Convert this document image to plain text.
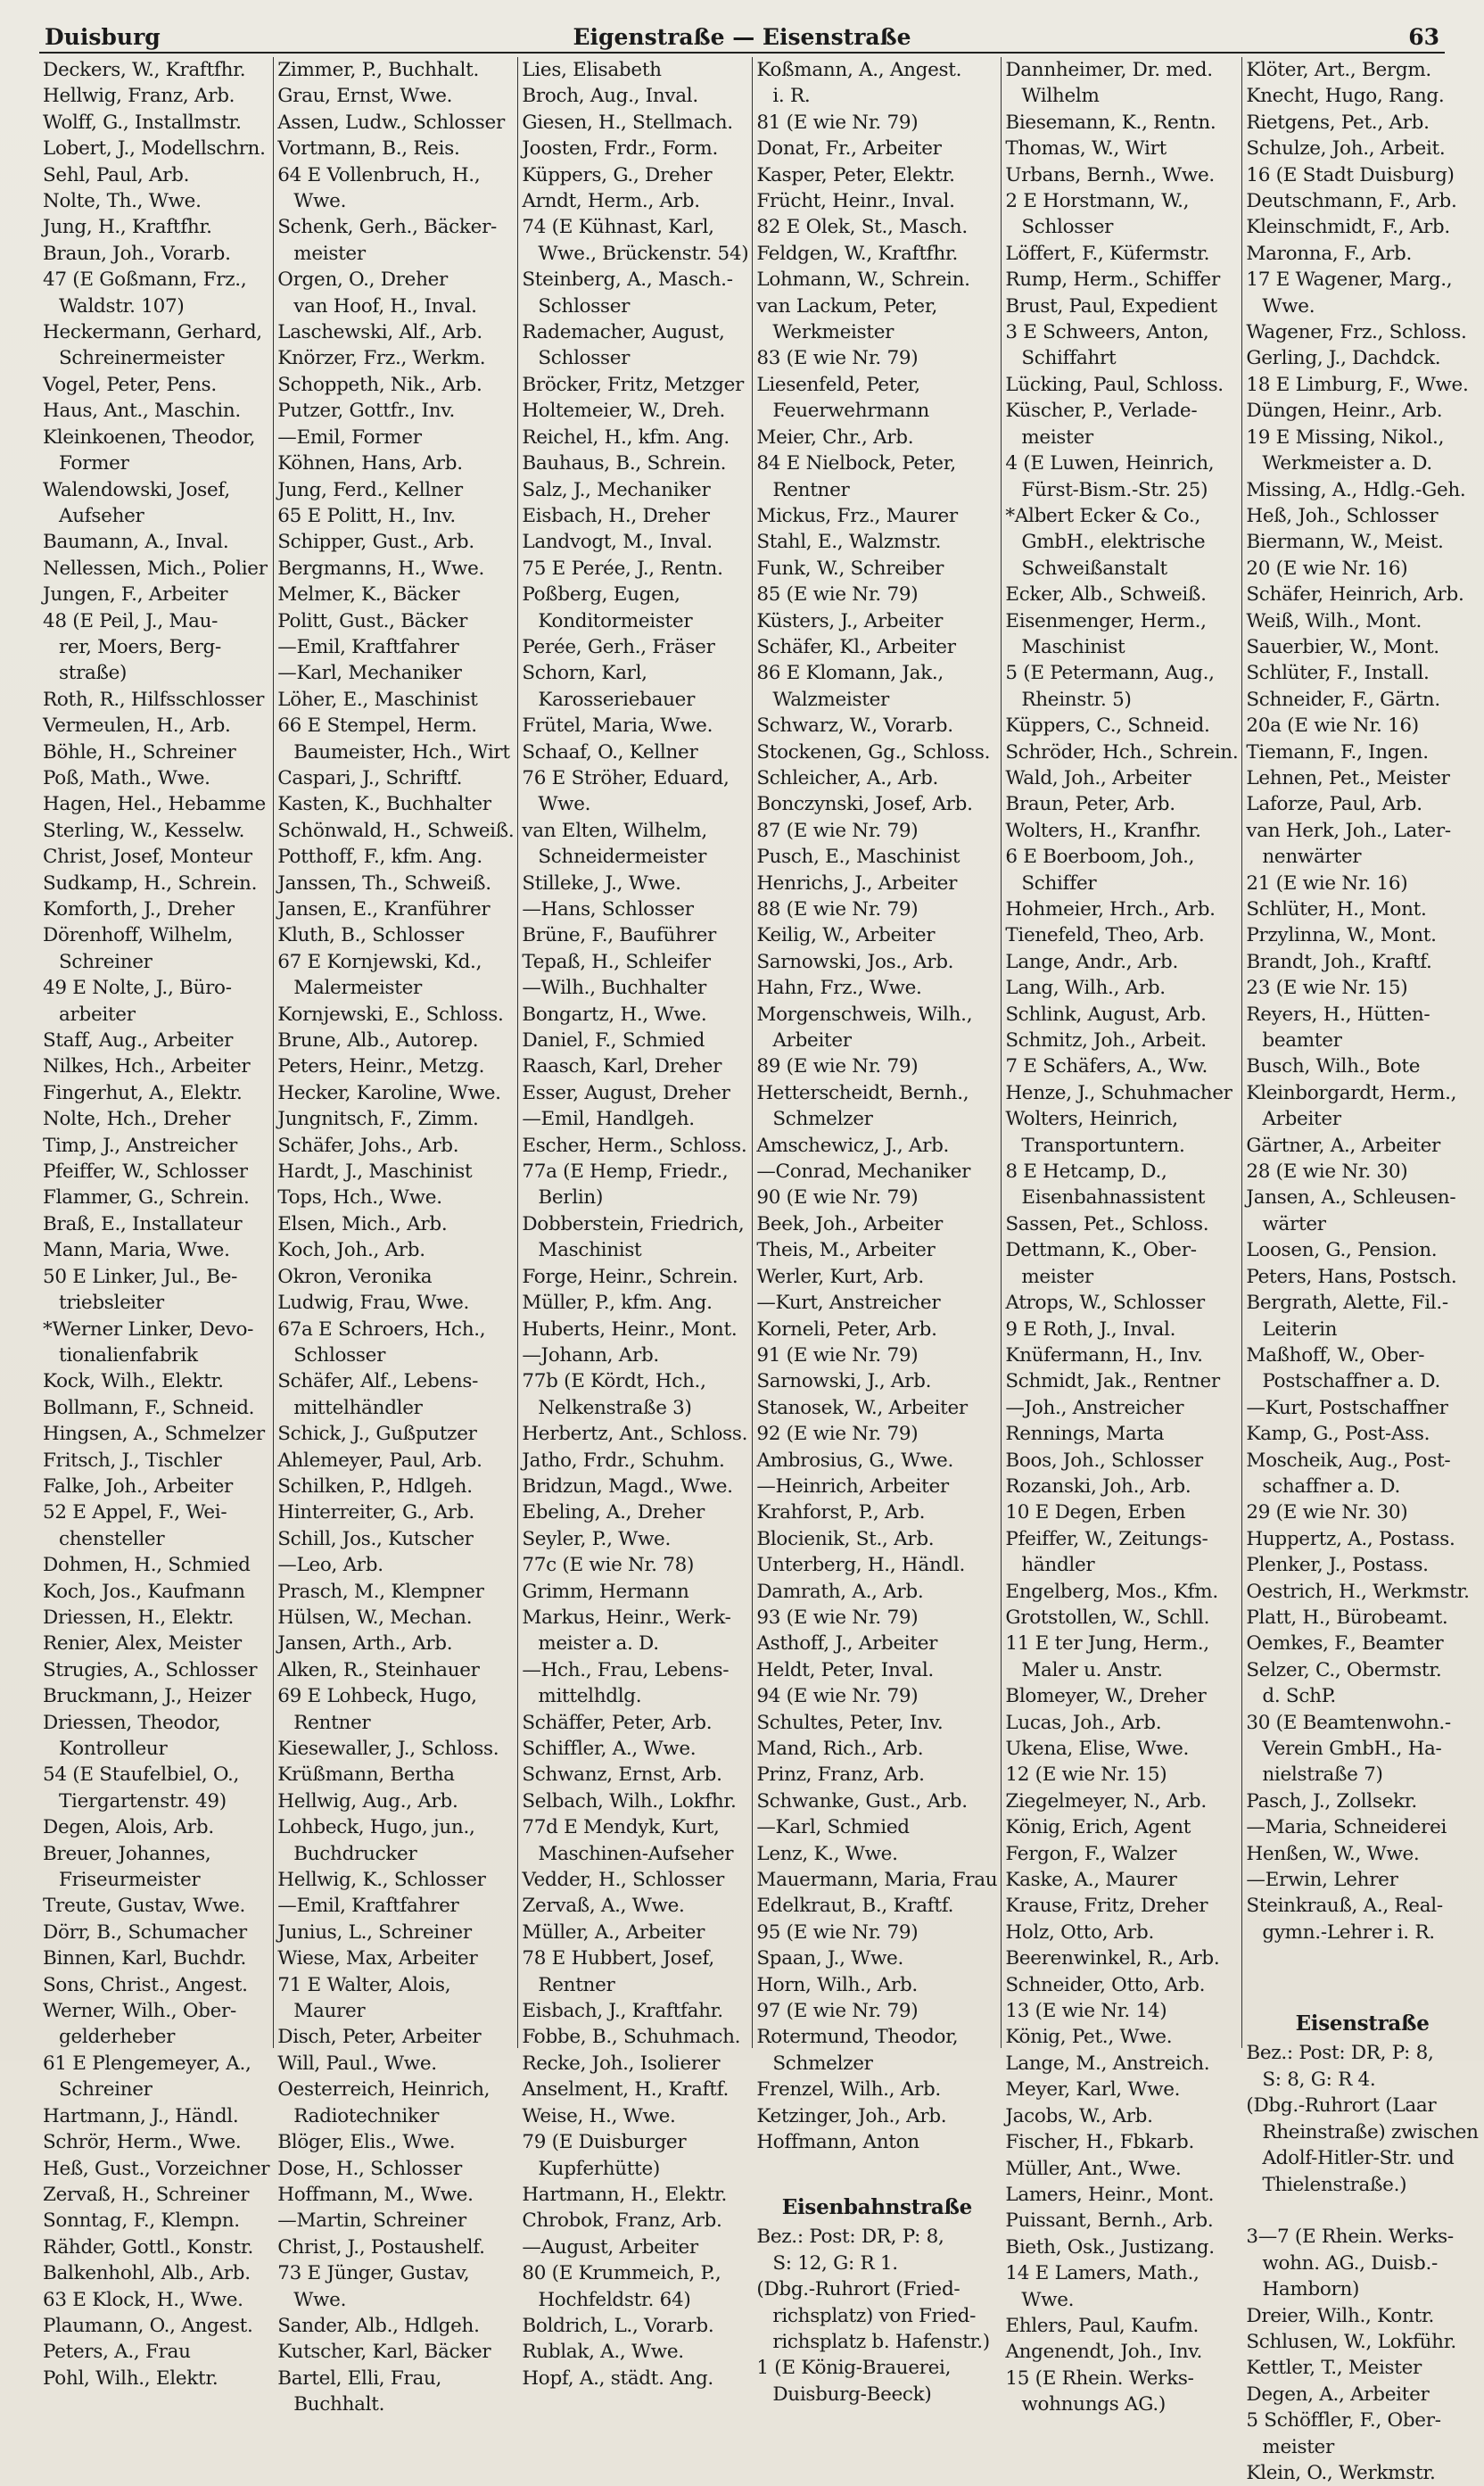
Duisburg	Eigenstraße — Eisenstraße	63
Deckers, W., Kraftfhr.
Hellwig, Franz, Arb.
Wolff, G., Installmstr.
Lobert, J., Modellschrn.
Sehl, Paul, Arb.
Nolte, Th., Wwe.
Jung, H., Kraftfhr.
Braun, Joh., Vorarb.
47 (E Goßmann, Frz.,
Waldstr. 107)
Heckermann, Gerhard,
Schreinermeister
Vogel, Peter, Pens.
Haus, Ant., Maschin.
Kleinkoenen, Theodor,
Former
Walendowski, Josef,
Aufseher
Baumann, A., Inval.
Nellessen, Mich., Polier
Jungen, F., Arbeiter
48 (E Peil, J., Mau-
rer, Moers, Berg-
straße)
Roth, R., Hilfsschlosser
Vermeulen, H., Arb.
Böhle, H., Schreiner
Poß, Math., Wwe.
Hagen, Hel., Hebamme
Sterling, W., Kesselw.
Christ, Josef, Monteur
Sudkamp, H., Schrein.
Komforth, J., Dreher
Dörenhoff, Wilhelm,
Schreiner
49 E Nolte, J., Büro-
arbeiter
Staff, Aug., Arbeiter
Nilkes, Hch., Arbeiter
Fingerhut, A., Elektr.
Nolte, Hch., Dreher
Timp, J., Anstreicher
Pfeiffer, W., Schlosser
Flammer, G., Schrein.
Braß, E., Installateur
Mann, Maria, Wwe.
50 E Linker, Jul., Be-
triebsleiter
*Werner Linker, Devo-
tionalienfabrik
Kock, Wilh., Elektr.
Bollmann, F., Schneid.
Hingsen, A., Schmelzer
Fritsch, J., Tischler
Falke, Joh., Arbeiter
52 E Appel, F., Wei-
chensteller
Dohmen, H., Schmied
Koch, Jos., Kaufmann
Driessen, H., Elektr.
Renier, Alex, Meister
Strugies, A., Schlosser
Bruckmann, J., Heizer
Driessen, Theodor,
Kontrolleur
54 (E Staufelbiel, O.,
Tiergartenstr. 49)
Degen, Alois, Arb.
Breuer, Johannes,
Friseurmeister
Treute, Gustav, Wwe.
Dörr, B., Schumacher
Binnen, Karl, Buchdr.
Sons, Christ., Angest.
Werner, Wilh., Ober-
gelderheber
61 E Plengemeyer, A.,
Schreiner
Hartmann, J., Händl.
Schrör, Herm., Wwe.
Heß, Gust., Vorzeichner
Zervaß, H., Schreiner
Sonntag, F., Klempn.
Rähder, Gottl., Konstr.
Balkenhohl, Alb., Arb.
63 E Klock, H., Wwe.
Plaumann, O., Angest.
Peters, A., Frau
Pohl, Wilh., Elektr.
Zimmer, P., Buchhalt.
Grau, Ernst, Wwe.
Assen, Ludw., Schlosser
Vortmann, B., Reis.
64 E Vollenbruch, H.,
Wwe.
Schenk, Gerh., Bäcker-
meister
Orgen, O., Dreher
van Hoof, H., Inval.
Laschewski, Alf., Arb.
Knörzer, Frz., Werkm.
Schoppeth, Nik., Arb.
Putzer, Gottfr., Inv.
—Emil, Former
Köhnen, Hans, Arb.
Jung, Ferd., Kellner
65 E Politt, H., Inv.
Schipper, Gust., Arb.
Bergmanns, H., Wwe.
Melmer, K., Bäcker
Politt, Gust., Bäcker
—Emil, Kraftfahrer
—Karl, Mechaniker
Löher, E., Maschinist
66 E Stempel, Herm.
Baumeister, Hch., Wirt
Caspari, J., Schriftf.
Kasten, K., Buchhalter
Schönwald, H., Schweiß.
Potthoff, F., kfm. Ang.
Janssen, Th., Schweiß.
Jansen, E., Kranführer
Kluth, B., Schlosser
67 E Kornjewski, Kd.,
Malermeister
Kornjewski, E., Schloss.
Brune, Alb., Autorep.
Peters, Heinr., Metzg.
Hecker, Karoline, Wwe.
Jungnitsch, F., Zimm.
Schäfer, Johs., Arb.
Hardt, J., Maschinist
Tops, Hch., Wwe.
Elsen, Mich., Arb.
Koch, Joh., Arb.
Okron, Veronika
Ludwig, Frau, Wwe.
67a E Schroers, Hch.,
Schlosser
Schäfer, Alf., Lebens-
mittelhändler
Schick, J., Gußputzer
Ahlemeyer, Paul, Arb.
Schilken, P., Hdlgeh.
Hinterreiter, G., Arb.
Schill, Jos., Kutscher
—Leo, Arb.
Prasch, M., Klempner
Hülsen, W., Mechan.
Jansen, Arth., Arb.
Alken, R., Steinhauer
69 E Lohbeck, Hugo,
Rentner
Kiesewaller, J., Schloss.
Krüßmann, Bertha
Hellwig, Aug., Arb.
Lohbeck, Hugo, jun.,
Buchdrucker
Hellwig, K., Schlosser
—Emil, Kraftfahrer
Junius, L., Schreiner
Wiese, Max, Arbeiter
71 E Walter, Alois,
Maurer
Disch, Peter, Arbeiter
Will, Paul., Wwe.
Oesterreich, Heinrich,
Radiotechniker
Blöger, Elis., Wwe.
Dose, H., Schlosser
Hoffmann, M., Wwe.
—Martin, Schreiner
Christ, J., Postaushelf.
73 E Jünger, Gustav,
Wwe.
Sander, Alb., Hdlgeh.
Kutscher, Karl, Bäcker
Bartel, Elli, Frau,
Buchhalt.
Lies, Elisabeth
Broch, Aug., Inval.
Giesen, H., Stellmach.
Joosten, Frdr., Form.
Küppers, G., Dreher
Arndt, Herm., Arb.
74 (E Kühnast, Karl,
Wwe., Brückenstr. 54)
Steinberg, A., Masch.-
Schlosser
Rademacher, August,
Schlosser
Bröcker, Fritz, Metzger
Holtemeier, W., Dreh.
Reichel, H., kfm. Ang.
Bauhaus, B., Schrein.
Salz, J., Mechaniker
Eisbach, H., Dreher
Landvogt, M., Inval.
75 E Perée, J., Rentn.
Poßberg, Eugen,
Konditormeister
Perée, Gerh., Fräser
Schorn, Karl,
Karosseriebauer
Frütel, Maria, Wwe.
Schaaf, O., Kellner
76 E Ströher, Eduard,
Wwe.
van Elten, Wilhelm,
Schneidermeister
Stilleke, J., Wwe.
—Hans, Schlosser
Brüne, F., Bauführer
Tepaß, H., Schleifer
—Wilh., Buchhalter
Bongartz, H., Wwe.
Daniel, F., Schmied
Raasch, Karl, Dreher
Esser, August, Dreher
—Emil, Handlgeh.
Escher, Herm., Schloss.
77a (E Hemp, Friedr.,
Berlin)
Dobberstein, Friedrich,
Maschinist
Forge, Heinr., Schrein.
Müller, P., kfm. Ang.
Huberts, Heinr., Mont.
—Johann, Arb.
77b (E Kördt, Hch.,
Nelkenstraße 3)
Herbertz, Ant., Schloss.
Jatho, Frdr., Schuhm.
Bridzun, Magd., Wwe.
Ebeling, A., Dreher
Seyler, P., Wwe.
77c (E wie Nr. 78)
Grimm, Hermann
Markus, Heinr., Werk-
meister a. D.
—Hch., Frau, Lebens-
mittelhdlg.
Schäffer, Peter, Arb.
Schiffler, A., Wwe.
Schwanz, Ernst, Arb.
Selbach, Wilh., Lokfhr.
77d E Mendyk, Kurt,
Maschinen-Aufseher
Vedder, H., Schlosser
Zervaß, A., Wwe.
Müller, A., Arbeiter
78 E Hubbert, Josef,
Rentner
Eisbach, J., Kraftfahr.
Fobbe, B., Schuhmach.
Recke, Joh., Isolierer
Anselment, H., Kraftf.
Weise, H., Wwe.
79 (E Duisburger
Kupferhütte)
Hartmann, H., Elektr.
Chrobok, Franz, Arb.
—August, Arbeiter
80 (E Krummeich, P.,
Hochfeldstr. 64)
Boldrich, L., Vorarb.
Rublak, A., Wwe.
Hopf, A., städt. Ang.
Koßmann, A., Angest.
i. R.
81 (E wie Nr. 79)
Donat, Fr., Arbeiter
Kasper, Peter, Elektr.
Frücht, Heinr., Inval.
82 E Olek, St., Masch.
Feldgen, W., Kraftfhr.
Lohmann, W., Schrein.
van Lackum, Peter,
Werkmeister
83 (E wie Nr. 79)
Liesenfeld, Peter,
Feuerwehrmann
Meier, Chr., Arb.
84 E Nielbock, Peter,
Rentner
Mickus, Frz., Maurer
Stahl, E., Walzmstr.
Funk, W., Schreiber
85 (E wie Nr. 79)
Küsters, J., Arbeiter
Schäfer, Kl., Arbeiter
86 E Klomann, Jak.,
Walzmeister
Schwarz, W., Vorarb.
Stockenen, Gg., Schloss.
Schleicher, A., Arb.
Bonczynski, Josef, Arb.
87 (E wie Nr. 79)
Pusch, E., Maschinist
Henrichs, J., Arbeiter
88 (E wie Nr. 79)
Keilig, W., Arbeiter
Sarnowski, Jos., Arb.
Hahn, Frz., Wwe.
Morgenschweis, Wilh.,
Arbeiter
89 (E wie Nr. 79)
Hetterscheidt, Bernh.,
Schmelzer
Amschewicz, J., Arb.
—Conrad, Mechaniker
90 (E wie Nr. 79)
Beek, Joh., Arbeiter
Theis, M., Arbeiter
Werler, Kurt, Arb.
—Kurt, Anstreicher
Korneli, Peter, Arb.
91 (E wie Nr. 79)
Sarnowski, J., Arb.
Stanosek, W., Arbeiter
92 (E wie Nr. 79)
Ambrosius, G., Wwe.
—Heinrich, Arbeiter
Krahforst, P., Arb.
Blocienik, St., Arb.
Unterberg, H., Händl.
Damrath, A., Arb.
93 (E wie Nr. 79)
Asthoff, J., Arbeiter
Heldt, Peter, Inval.
94 (E wie Nr. 79)
Schultes, Peter, Inv.
Mand, Rich., Arb.
Prinz, Franz, Arb.
Schwanke, Gust., Arb.
—Karl, Schmied
Lenz, K., Wwe.
Mauermann, Maria, Frau
Edelkraut, B., Kraftf.
95 (E wie Nr. 79)
Spaan, J., Wwe.
Horn, Wilh., Arb.
97 (E wie Nr. 79)
Rotermund, Theodor,
Schmelzer
Frenzel, Wilh., Arb.
Ketzinger, Joh., Arb.
Hoffmann, Anton

Eisenbahnstraße
Bez.: Post: DR, P: 8,
S: 12, G: R 1.
(Dbg.-Ruhrort (Fried-
richsplatz) von Fried-
richsplatz b. Hafenstr.)
1 (E König-Brauerei,
Duisburg-Beeck)
Dannheimer, Dr. med.
Wilhelm
Biesemann, K., Rentn.
Thomas, W., Wirt
Urbans, Bernh., Wwe.
2 E Horstmann, W.,
Schlosser
Löffert, F., Küfermstr.
Rump, Herm., Schiffer
Brust, Paul, Expedient
3 E Schweers, Anton,
Schiffahrt
Lücking, Paul, Schloss.
Küscher, P., Verlade-
meister
4 (E Luwen, Heinrich,
Fürst-Bism.-Str. 25)
*Albert Ecker & Co.,
GmbH., elektrische
Schweißanstalt
Ecker, Alb., Schweiß.
Eisenmenger, Herm.,
Maschinist
5 (E Petermann, Aug.,
Rheinstr. 5)
Küppers, C., Schneid.
Schröder, Hch., Schrein.
Wald, Joh., Arbeiter
Braun, Peter, Arb.
Wolters, H., Kranfhr.
6 E Boerboom, Joh.,
Schiffer
Hohmeier, Hrch., Arb.
Tienefeld, Theo, Arb.
Lange, Andr., Arb.
Lang, Wilh., Arb.
Schlink, August, Arb.
Schmitz, Joh., Arbeit.
7 E Schäfers, A., Ww.
Henze, J., Schuhmacher
Wolters, Heinrich,
Transportuntern.
8 E Hetcamp, D.,
Eisenbahnassistent
Sassen, Pet., Schloss.
Dettmann, K., Ober-
meister
Atrops, W., Schlosser
9 E Roth, J., Inval.
Knüfermann, H., Inv.
Schmidt, Jak., Rentner
—Joh., Anstreicher
Rennings, Marta
Boos, Joh., Schlosser
Rozanski, Joh., Arb.
10 E Degen, Erben
Pfeiffer, W., Zeitungs-
händler
Engelberg, Mos., Kfm.
Grotstollen, W., Schll.
11 E ter Jung, Herm.,
Maler u. Anstr.
Blomeyer, W., Dreher
Lucas, Joh., Arb.
Ukena, Elise, Wwe.
12 (E wie Nr. 15)
Ziegelmeyer, N., Arb.
König, Erich, Agent
Fergon, F., Walzer
Kaske, A., Maurer
Krause, Fritz, Dreher
Holz, Otto, Arb.
Beerenwinkel, R., Arb.
Schneider, Otto, Arb.
13 (E wie Nr. 14)
König, Pet., Wwe.
Lange, M., Anstreich.
Meyer, Karl, Wwe.
Jacobs, W., Arb.
Fischer, H., Fbkarb.
Müller, Ant., Wwe.
Lamers, Heinr., Mont.
Puissant, Bernh., Arb.
Bieth, Osk., Justizang.
14 E Lamers, Math.,
Wwe.
Ehlers, Paul, Kaufm.
Angenendt, Joh., Inv.
15 (E Rhein. Werks-
wohnungs AG.)
Klöter, Art., Bergm.
Knecht, Hugo, Rang.
Rietgens, Pet., Arb.
Schulze, Joh., Arbeit.
16 (E Stadt Duisburg)
Deutschmann, F., Arb.
Kleinschmidt, F., Arb.
Maronna, F., Arb.
17 E Wagener, Marg.,
Wwe.
Wagener, Frz., Schloss.
Gerling, J., Dachdck.
18 E Limburg, F., Wwe.
Düngen, Heinr., Arb.
19 E Missing, Nikol.,
Werkmeister a. D.
Missing, A., Hdlg.-Geh.
Heß, Joh., Schlosser
Biermann, W., Meist.
20 (E wie Nr. 16)
Schäfer, Heinrich, Arb.
Weiß, Wilh., Mont.
Sauerbier, W., Mont.
Schlüter, F., Install.
Schneider, F., Gärtn.
20a (E wie Nr. 16)
Tiemann, F., Ingen.
Lehnen, Pet., Meister
Laforze, Paul, Arb.
van Herk, Joh., Later-
nenwärter
21 (E wie Nr. 16)
Schlüter, H., Mont.
Przylinna, W., Mont.
Brandt, Joh., Kraftf.
23 (E wie Nr. 15)
Reyers, H., Hütten-
beamter
Busch, Wilh., Bote
Kleinborgardt, Herm.,
Arbeiter
Gärtner, A., Arbeiter
28 (E wie Nr. 30)
Jansen, A., Schleusen-
wärter
Loosen, G., Pension.
Peters, Hans, Postsch.
Bergrath, Alette, Fil.-
Leiterin
Maßhoff, W., Ober-
Postschaffner a. D.
—Kurt, Postschaffner
Kamp, G., Post-Ass.
Moscheik, Aug., Post-
schaffner a. D.
29 (E wie Nr. 30)
Huppertz, A., Postass.
Plenker, J., Postass.
Oestrich, H., Werkmstr.
Platt, H., Bürobeamt.
Oemkes, F., Beamter
Selzer, C., Obermstr.
d. SchP.
30 (E Beamtenwohn.-
Verein GmbH., Ha-
nielstraße 7)
Pasch, J., Zollsekr.
—Maria, Schneiderei
Henßen, W., Wwe.
—Erwin, Lehrer
Steinkrauß, A., Real-
gymn.-Lehrer i. R.

Eisenstraße
Bez.: Post: DR, P: 8,
S: 8, G: R 4.
(Dbg.-Ruhrort (Laar
Rheinstraße) zwischen
Adolf-Hitler-Str. und
Thielenstraße.)

3—7 (E Rhein. Werks-
wohn. AG., Duisb.-
Hamborn)
Dreier, Wilh., Kontr.
Schlusen, W., Lokführ.
Kettler, T., Meister
Degen, A., Arbeiter
5 Schöffler, F., Ober-
meister
Klein, O., Werkmstr.
